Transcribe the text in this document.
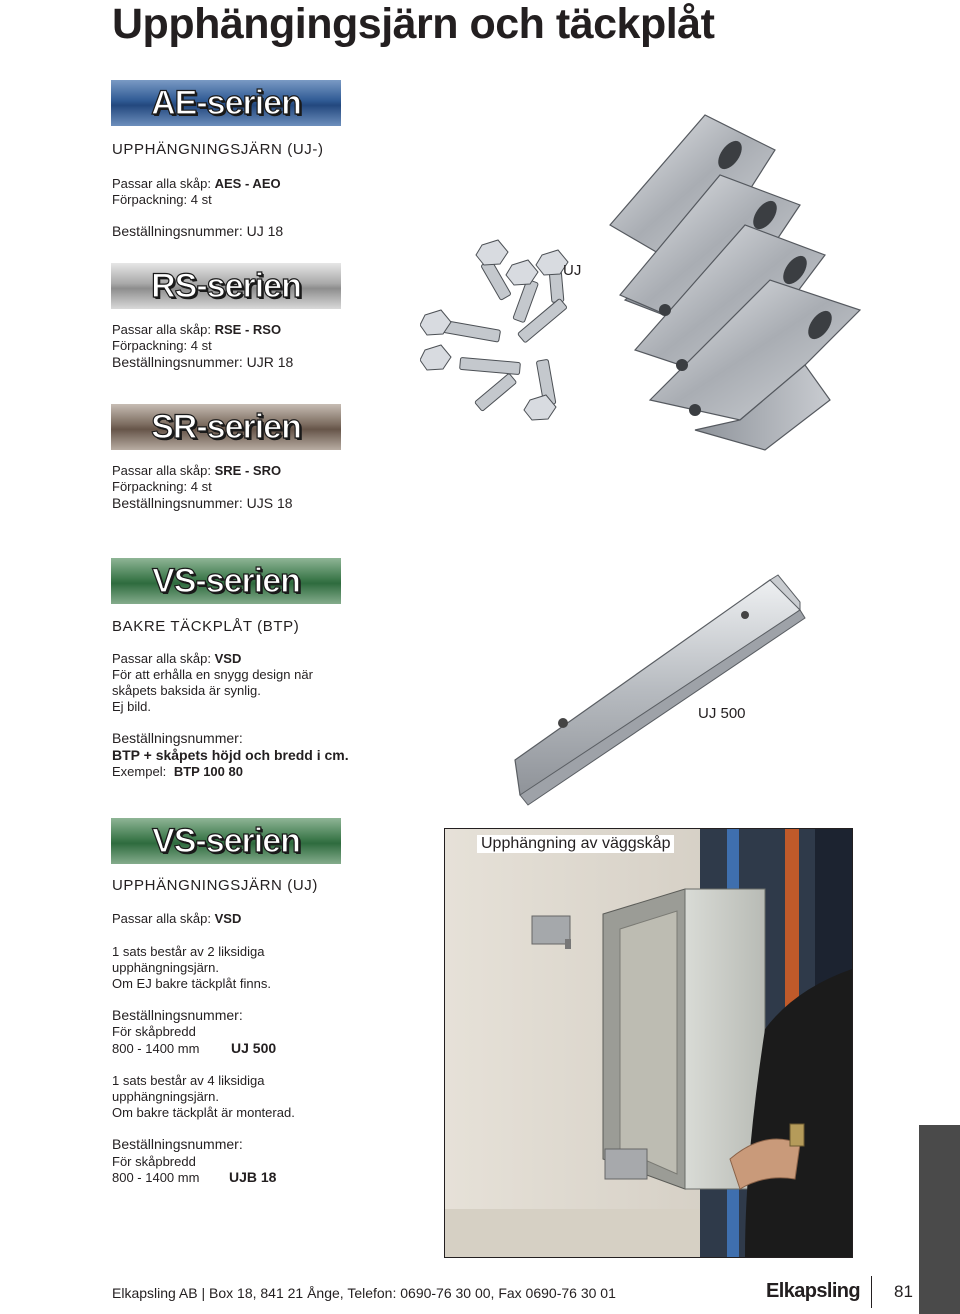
Upphängingsjärn och täckplåt
AE-serien
UPPHÄNGNINGSJÄRN (UJ-)
Passar alla skåp: AES - AEO
Förpackning: 4 st
Beställningsnummer: UJ 18
RS-serien
Passar alla skåp: RSE - RSO
Förpackning: 4 st
Beställningsnummer: UJR 18
SR-serien
Passar alla skåp: SRE - SRO
Förpackning: 4 st
Beställningsnummer: UJS 18
UJ
VS-serien
BAKRE TÄCKPLÅT (BTP)
Passar alla skåp: VSD
För att erhålla en snygg design när
skåpets baksida är synlig.
Ej bild.
Beställningsnummer:
BTP + skåpets höjd och bredd i cm.
Exempel: BTP 100 80
UJ 500
VS-serien
UPPHÄNGNINGSJÄRN (UJ)
Passar alla skåp: VSD
1 sats består av 2 liksidiga
upphängningsjärn.
Om EJ bakre täckplåt finns.
Beställningsnummer:
För skåpbredd
800 - 1400 mm UJ 500
1 sats består av 4 liksidiga
upphängningsjärn.
Om bakre täckplåt är monterad.
Beställningsnummer:
För skåpbredd
800 - 1400 mm UJB 18
Upphängning av väggskåp
Elkapsling AB | Box 18, 841 21 Ånge, Telefon: 0690-76 30 00, Fax 0690-76 30 01	Elkapsling 81
